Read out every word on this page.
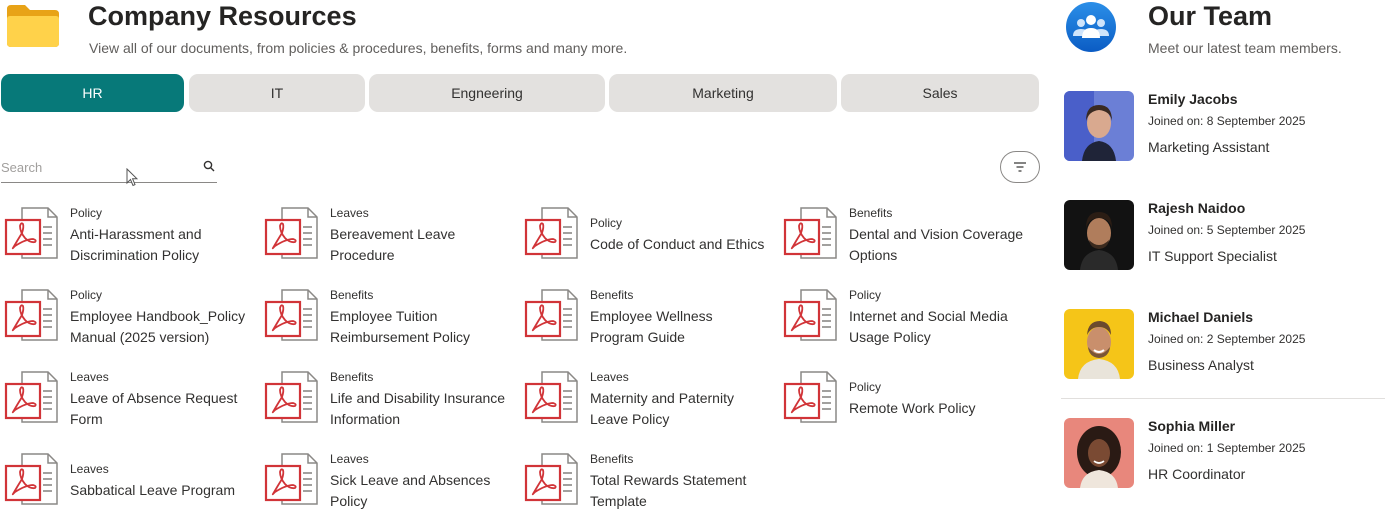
Company Resources
View all of our documents, from policies & procedures, benefits, forms and many more.
HR	IT	Engneering	Marketing	Sales
Search
Policy
Anti-Harassment and Discrimination Policy
Leaves
Bereavement Leave Procedure
Policy
Code of Conduct and Ethics
Benefits
Dental and Vision Coverage Options
Policy
Employee Handbook_Policy Manual (2025 version)
Benefits
Employee Tuition Reimbursement Policy
Benefits
Employee Wellness Program Guide
Policy
Internet and Social Media Usage Policy
Leaves
Leave of Absence Request Form
Benefits
Life and Disability Insurance Information
Leaves
Maternity and Paternity Leave Policy
Policy
Remote Work Policy
Leaves
Sabbatical Leave Program
Leaves
Sick Leave and Absences Policy
Benefits
Total Rewards Statement Template
Our Team
Meet our latest team members.
Emily Jacobs
Joined on: 8 September 2025
Marketing Assistant
Rajesh Naidoo
Joined on: 5 September 2025
IT Support Specialist
Michael Daniels
Joined on: 2 September 2025
Business Analyst
Sophia Miller
Joined on: 1 September 2025
HR Coordinator
